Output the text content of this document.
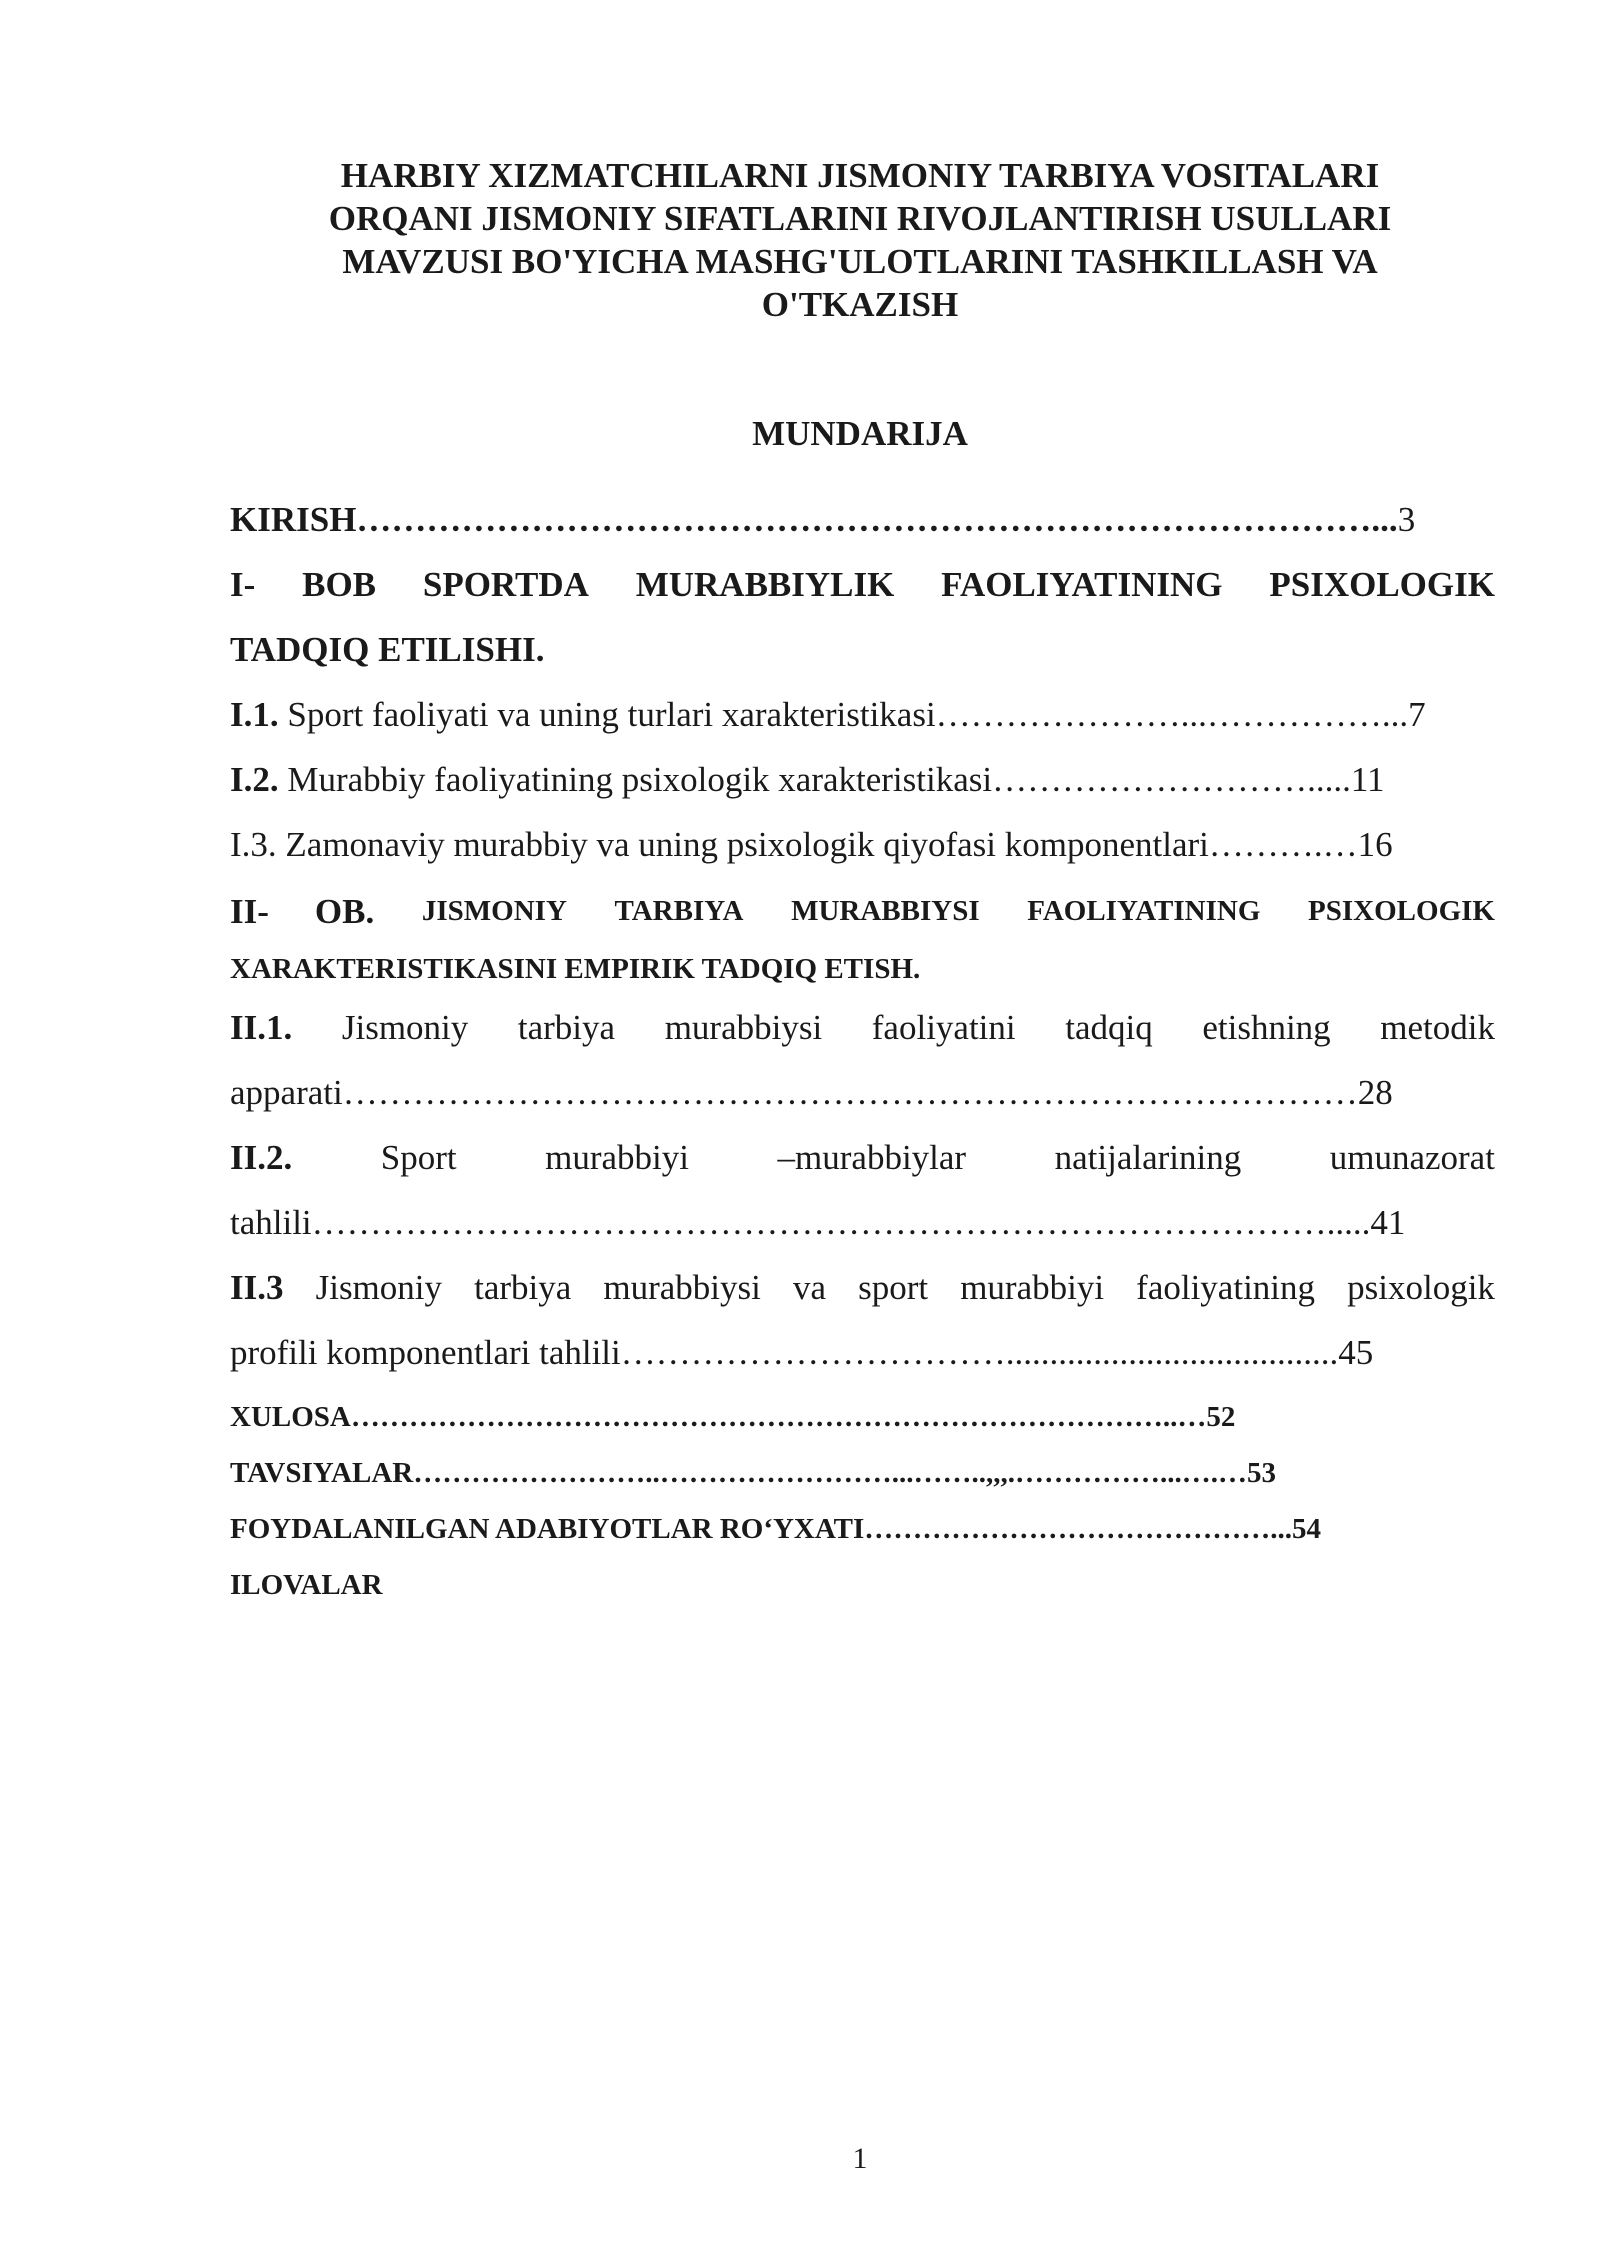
HARBIY XIZMATCHILARNI JISMONIY TARBIYA VOSITALARI
ORQANI JISMONIY SIFATLARINI RIVOJLANTIRISH USULLARI
MAVZUSI BO'YICHA MASHG'ULOTLARINI TASHKILLASH VA
O'TKAZISH
MUNDARIJA
KIRISH……………………………………………………………………………...3
I- BOB SPORTDA MURABBIYLIK FAOLIYATINING PSIXOLOGIK
TADQIQ ETILISHI.
I.1. Sport faoliyati va uning turlari xarakteristikasi…………………...……………...7
I.2. Murabbiy faoliyatining psixologik xarakteristikasi……………………….....11
I.3. Zamonaviy murabbiy va uning psixologik qiyofasi komponentlari……….…16
II- OB. JISMONIY TARBIYA MURABBIYSI FAOLIYATINING PSIXOLOGIK
XARAKTERISTIKASINI EMPIRIK TADQIQ ETISH.
II.1. Jismoniy tarbiya murabbiysi faoliyatini tadqiq etishning metodik
apparati……………………………………………………………………………28
II.2.	Sport	murabbiyi	–murabbiylar	natijalarining	umunazorat
tahlili…………………………………………………………………………….....41
II.3 Jismoniy tarbiya murabbiysi va sport murabbiyi faoliyatining psixologik
profili komponentlari tahlili……………………………......................................45
XULOSA…………………………………………………………………………..…52
TAVSIYALAR……………………..……………………...……..,,,.……………...….…53
FOYDALANILGAN ADABIYOTLAR RO‘YXATI……………………………………...54
ILOVALAR
1
